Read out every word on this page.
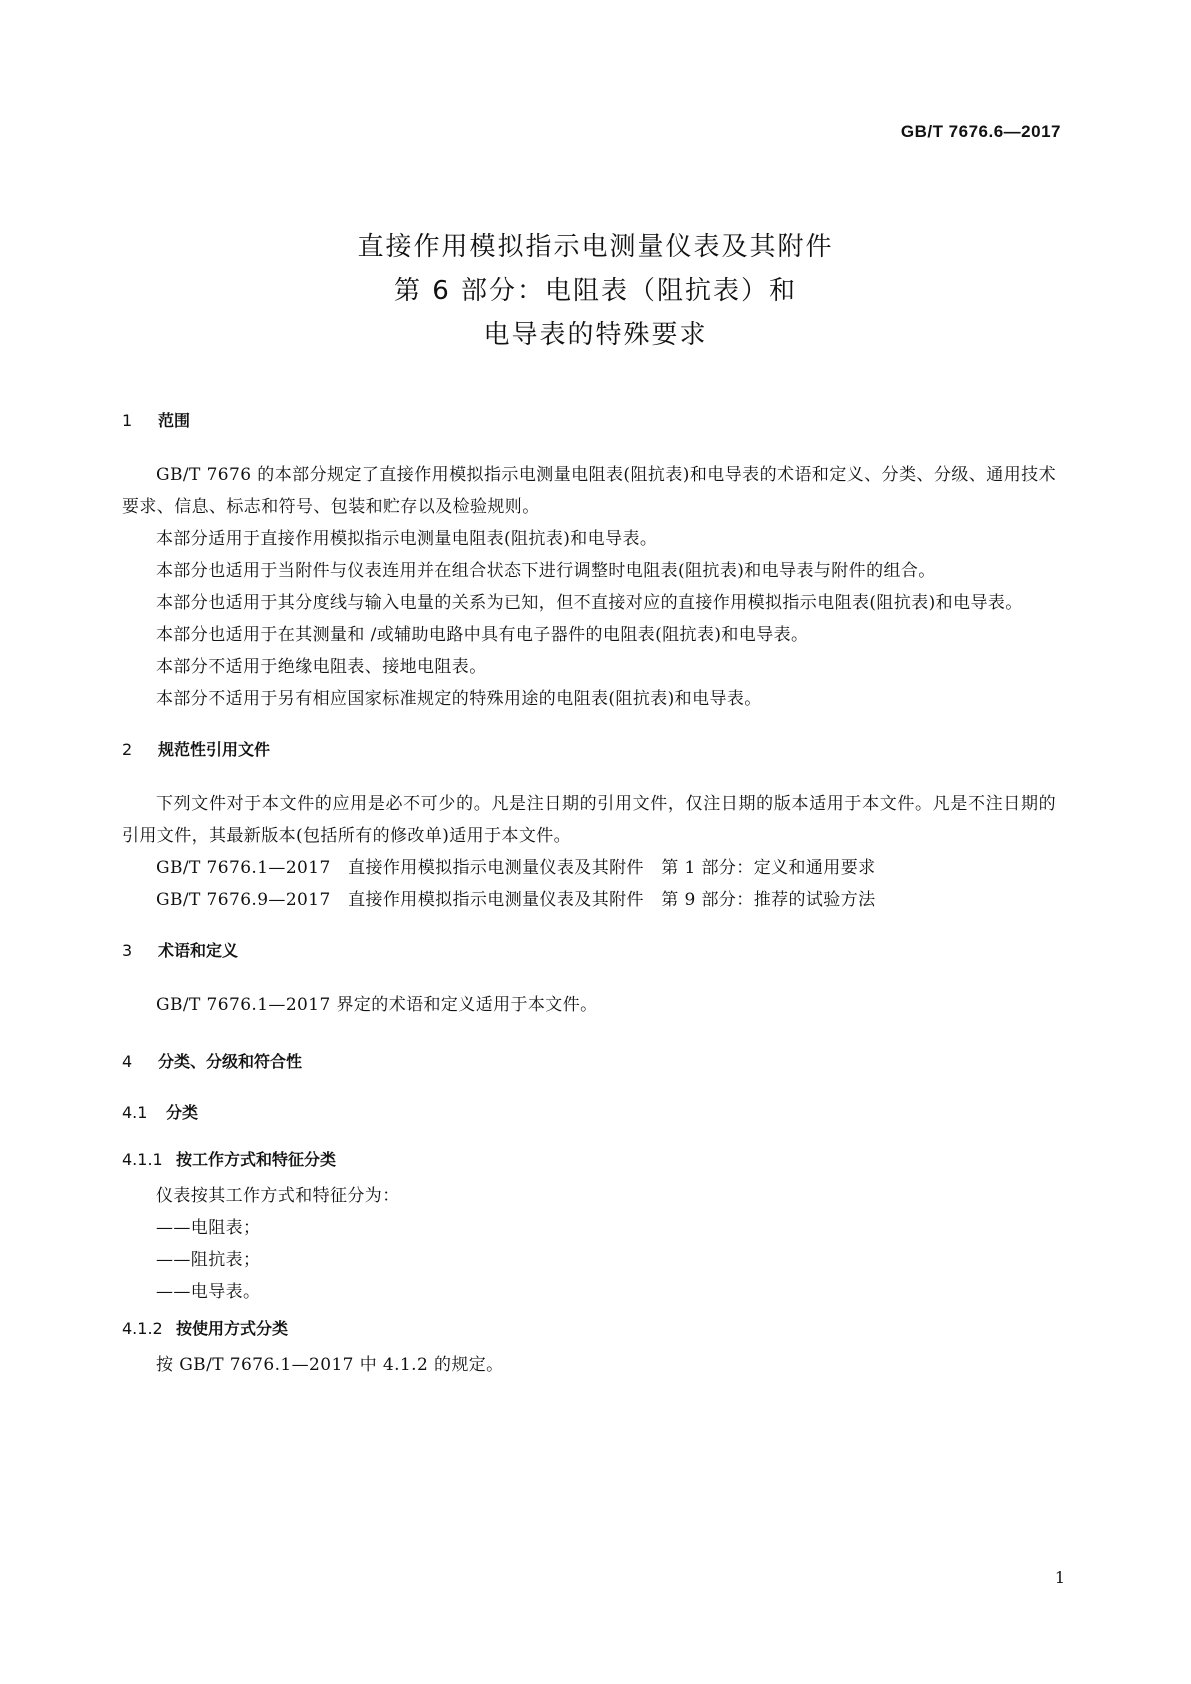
GB/T 7676.6—2017
直接作用模拟指示电测量仪表及其附件
第 6 部分：电阻表（阻抗表）和
电导表的特殊要求
1 范围

GB/T 7676 的本部分规定了直接作用模拟指示电测量电阻表(阻抗表)和电导表的术语和定义、分类、分级、通用技术要求、信息、标志和符号、包装和贮存以及检验规则。

本部分适用于直接作用模拟指示电测量电阻表(阻抗表)和电导表。

本部分也适用于当附件与仪表连用并在组合状态下进行调整时电阻表(阻抗表)和电导表与附件的组合。

本部分也适用于其分度线与输入电量的关系为已知，但不直接对应的直接作用模拟指示电阻表(阻抗表)和电导表。

本部分也适用于在其测量和 /或辅助电路中具有电子器件的电阻表(阻抗表)和电导表。

本部分不适用于绝缘电阻表、接地电阻表。

本部分不适用于另有相应国家标准规定的特殊用途的电阻表(阻抗表)和电导表。

2 规范性引用文件

下列文件对于本文件的应用是必不可少的。凡是注日期的引用文件，仅注日期的版本适用于本文件。凡是不注日期的引用文件，其最新版本(包括所有的修改单)适用于本文件。

GB/T 7676.1—2017　直接作用模拟指示电测量仪表及其附件　第 1 部分：定义和通用要求

GB/T 7676.9—2017　直接作用模拟指示电测量仪表及其附件　第 9 部分：推荐的试验方法

3 术语和定义

GB/T 7676.1—2017 界定的术语和定义适用于本文件。

4 分类、分级和符合性
4.1 分类
4.1.1 按工作方式和特征分类

仪表按其工作方式和特征分为：

——电阻表；

——阻抗表；

——电导表。

4.1.2 按使用方式分类

按 GB/T 7676.1—2017 中 4.1.2 的规定。

1
